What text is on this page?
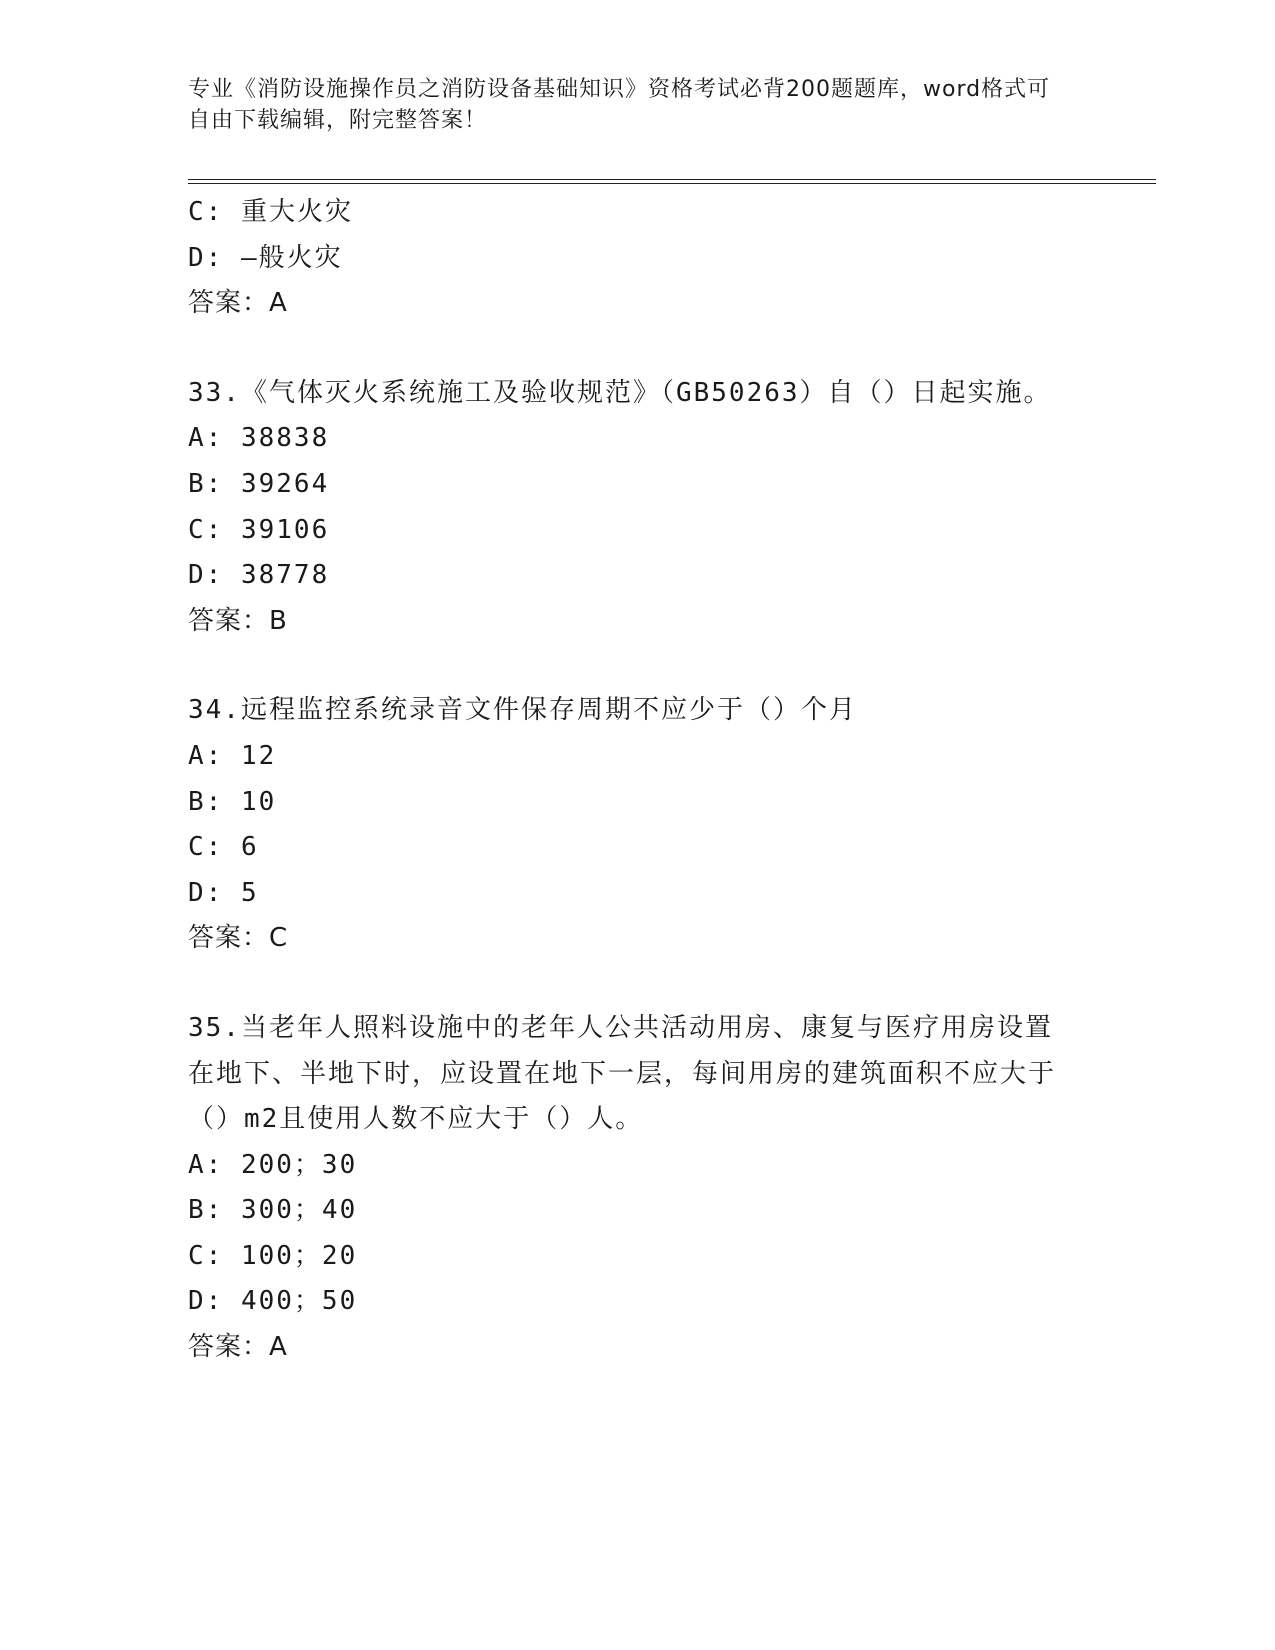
专业《消防设施操作员之消防设备基础知识》资格考试必背200题题库，word格式可自由下载编辑，附完整答案！
C: 重大火灾
D: —般火灾
答案：A
33.《气体灭火系统施工及验收规范》（GB50263）自（）日起实施。
A: 38838
B: 39264
C: 39106
D: 38778
答案：B
34.远程监控系统录音文件保存周期不应少于（）个月
A: 12
B: 10
C: 6
D: 5
答案：C
35.当老年人照料设施中的老年人公共活动用房、康复与医疗用房设置在地下、半地下时，应设置在地下一层，每间用房的建筑面积不应大于（）m2且使用人数不应大于（）人。
A: 200；30
B: 300；40
C: 100；20
D: 400；50
答案：A
